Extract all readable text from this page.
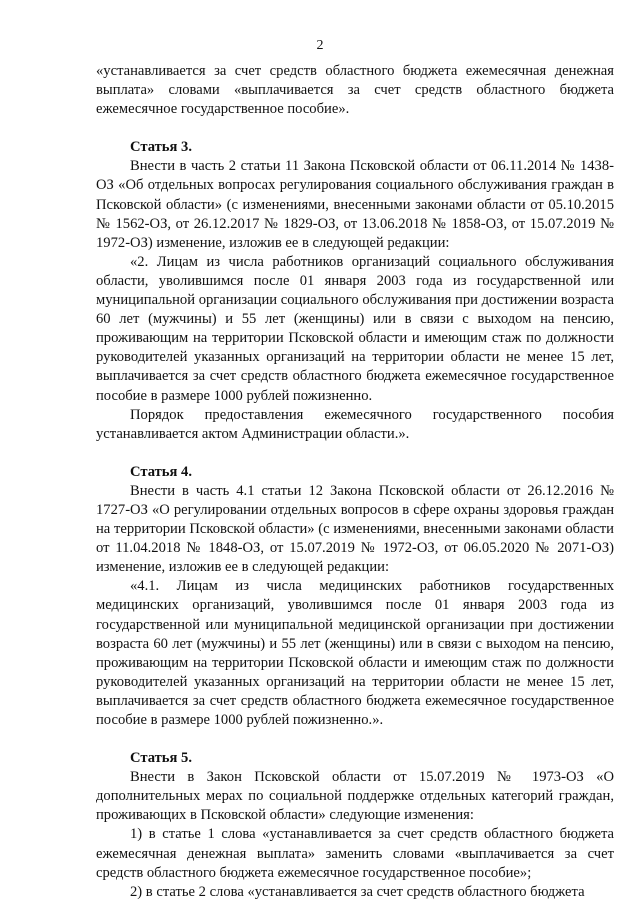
2

«устанавливается за счет средств областного бюджета ежемесячная денежная выплата» словами «выплачивается за счет средств областного бюджета ежемесячное государственное пособие».

Статья 3.

Внести в часть 2 статьи 11 Закона Псковской области от 06.11.2014 № 1438-ОЗ «Об отдельных вопросах регулирования социального обслуживания граждан в Псковской области» (с изменениями, внесенными законами области от 05.10.2015 № 1562-ОЗ, от 26.12.2017 № 1829-ОЗ, от 13.06.2018 № 1858-ОЗ, от 15.07.2019 № 1972-ОЗ) изменение, изложив ее в следующей редакции:

«2. Лицам из числа работников организаций социального обслуживания области, уволившимся после 01 января 2003 года из государственной или муниципальной организации социального обслуживания при достижении возраста 60 лет (мужчины) и 55 лет (женщины) или в связи с выходом на пенсию, проживающим на территории Псковской области и имеющим стаж по должности руководителей указанных организаций на территории области не менее 15 лет, выплачивается за счет средств областного бюджета ежемесячное государственное пособие в размере 1000 рублей пожизненно.

Порядок предоставления ежемесячного государственного пособия устанавливается актом Администрации области.».

Статья 4.

Внести в часть 4.1 статьи 12 Закона Псковской области от 26.12.2016 № 1727-ОЗ «О регулировании отдельных вопросов в сфере охраны здоровья граждан на территории Псковской области» (с изменениями, внесенными законами области от 11.04.2018 № 1848-ОЗ, от 15.07.2019 № 1972-ОЗ, от 06.05.2020 № 2071-ОЗ) изменение, изложив ее в следующей редакции:

«4.1. Лицам из числа медицинских работников государственных медицинских организаций, уволившимся после 01 января 2003 года из государственной или муниципальной медицинской организации при достижении возраста 60 лет (мужчины) и 55 лет (женщины) или в связи с выходом на пенсию, проживающим на территории Псковской области и имеющим стаж по должности руководителей указанных организаций на территории области не менее 15 лет, выплачивается за счет средств областного бюджета ежемесячное государственное пособие в размере 1000 рублей пожизненно.».

Статья 5.

Внести в Закон Псковской области от 15.07.2019 № 1973-ОЗ «О дополнительных мерах по социальной поддержке отдельных категорий граждан, проживающих в Псковской области» следующие изменения:

1) в статье 1 слова «устанавливается за счет средств областного бюджета ежемесячная денежная выплата» заменить словами «выплачивается за счет средств областного бюджета ежемесячное государственное пособие»;

2) в статье 2 слова «устанавливается за счет средств областного бюджета
